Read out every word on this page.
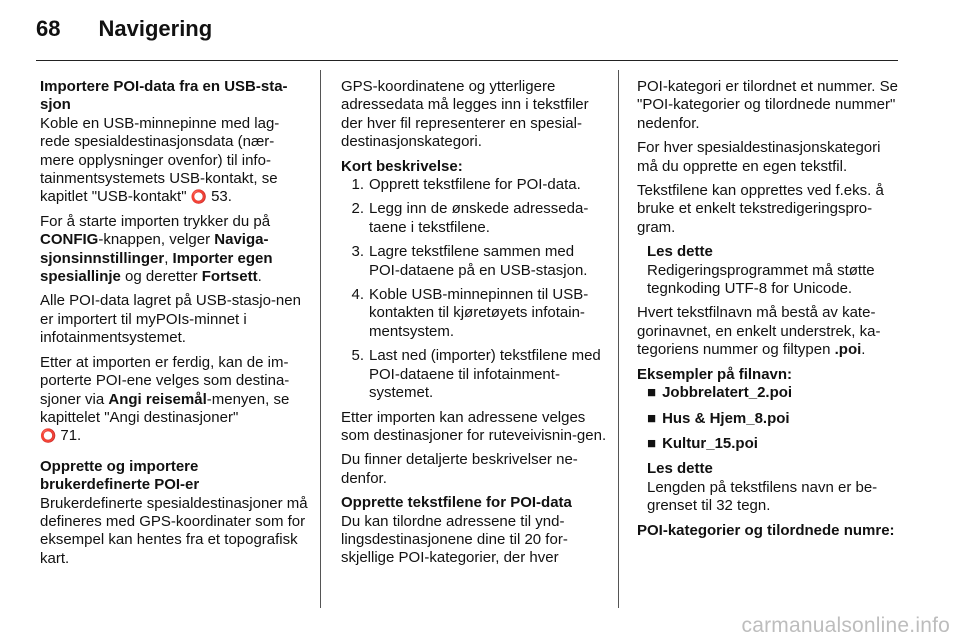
68 Navigering

Importere POI-data fra en USB-sta-sjon

Koble en USB-minnepinne med lag-rede spesialdestinasjonsdata (nær-mere opplysninger ovenfor) til info-tainmentsystemets USB-kontakt, se kapitlet "USB-kontakt" ⭕ 53.

For å starte importen trykker du på CONFIG-knappen, velger Naviga-sjonsinnstillinger, Importer egen spesiallinje og deretter Fortsett.

Alle POI-data lagret på USB-stasjo-nen er importert til myPOIs-minnet i infotainmentsystemet.

Etter at importen er ferdig, kan de im-porterte POI-ene velges som destina-sjoner via Angi reisemål-menyen, se kapittelet "Angi destinasjoner"
⭕ 71.

Opprette og importere
brukerdefinerte POI-er

Brukerdefinerte spesialdestinasjoner må defineres med GPS-koordinater som for eksempel kan hentes fra et topografisk kart.

GPS-koordinatene og ytterligere adressedata må legges inn i tekstfiler der hver fil representerer en spesial-destinasjonskategori.

Kort beskrivelse:

1. Opprett tekstfilene for POI-data.
2. Legg inn de ønskede adresseda-taene i tekstfilene.
3. Lagre tekstfilene sammen med POI-dataene på en USB-stasjon.
4. Koble USB-minnepinnen til USB-kontakten til kjøretøyets infotain-mentsystem.
5. Last ned (importer) tekstfilene med POI-dataene til infotainment-systemet.

Etter importen kan adressene velges som destinasjoner for ruteveivisnin-gen.

Du finner detaljerte beskrivelser ne-denfor.

Opprette tekstfilene for POI-data

Du kan tilordne adressene til ynd-lingsdestinasjonene dine til 20 for-skjellige POI-kategorier, der hver

POI-kategori er tilordnet et nummer. Se "POI-kategorier og tilordnede nummer" nedenfor.

For hver spesialdestinasjonskategori må du opprette en egen tekstfil.

Tekstfilene kan opprettes ved f.eks. å bruke et enkelt tekstredigeringspro-gram.

Les dette
Redigeringsprogrammet må støtte tegnkoding UTF-8 for Unicode.

Hvert tekstfilnavn må bestå av kate-gorinavnet, en enkelt understrek, ka-tegoriens nummer og filtypen .poi.

Eksempler på filnavn:

■ Jobbrelatert_2.poi
■ Hus & Hjem_8.poi
■ Kultur_15.poi
Les dette
Lengden på tekstfilens navn er be-grenset til 32 tegn.

POI-kategorier og tilordnede numre:

carmanualsonline.info
